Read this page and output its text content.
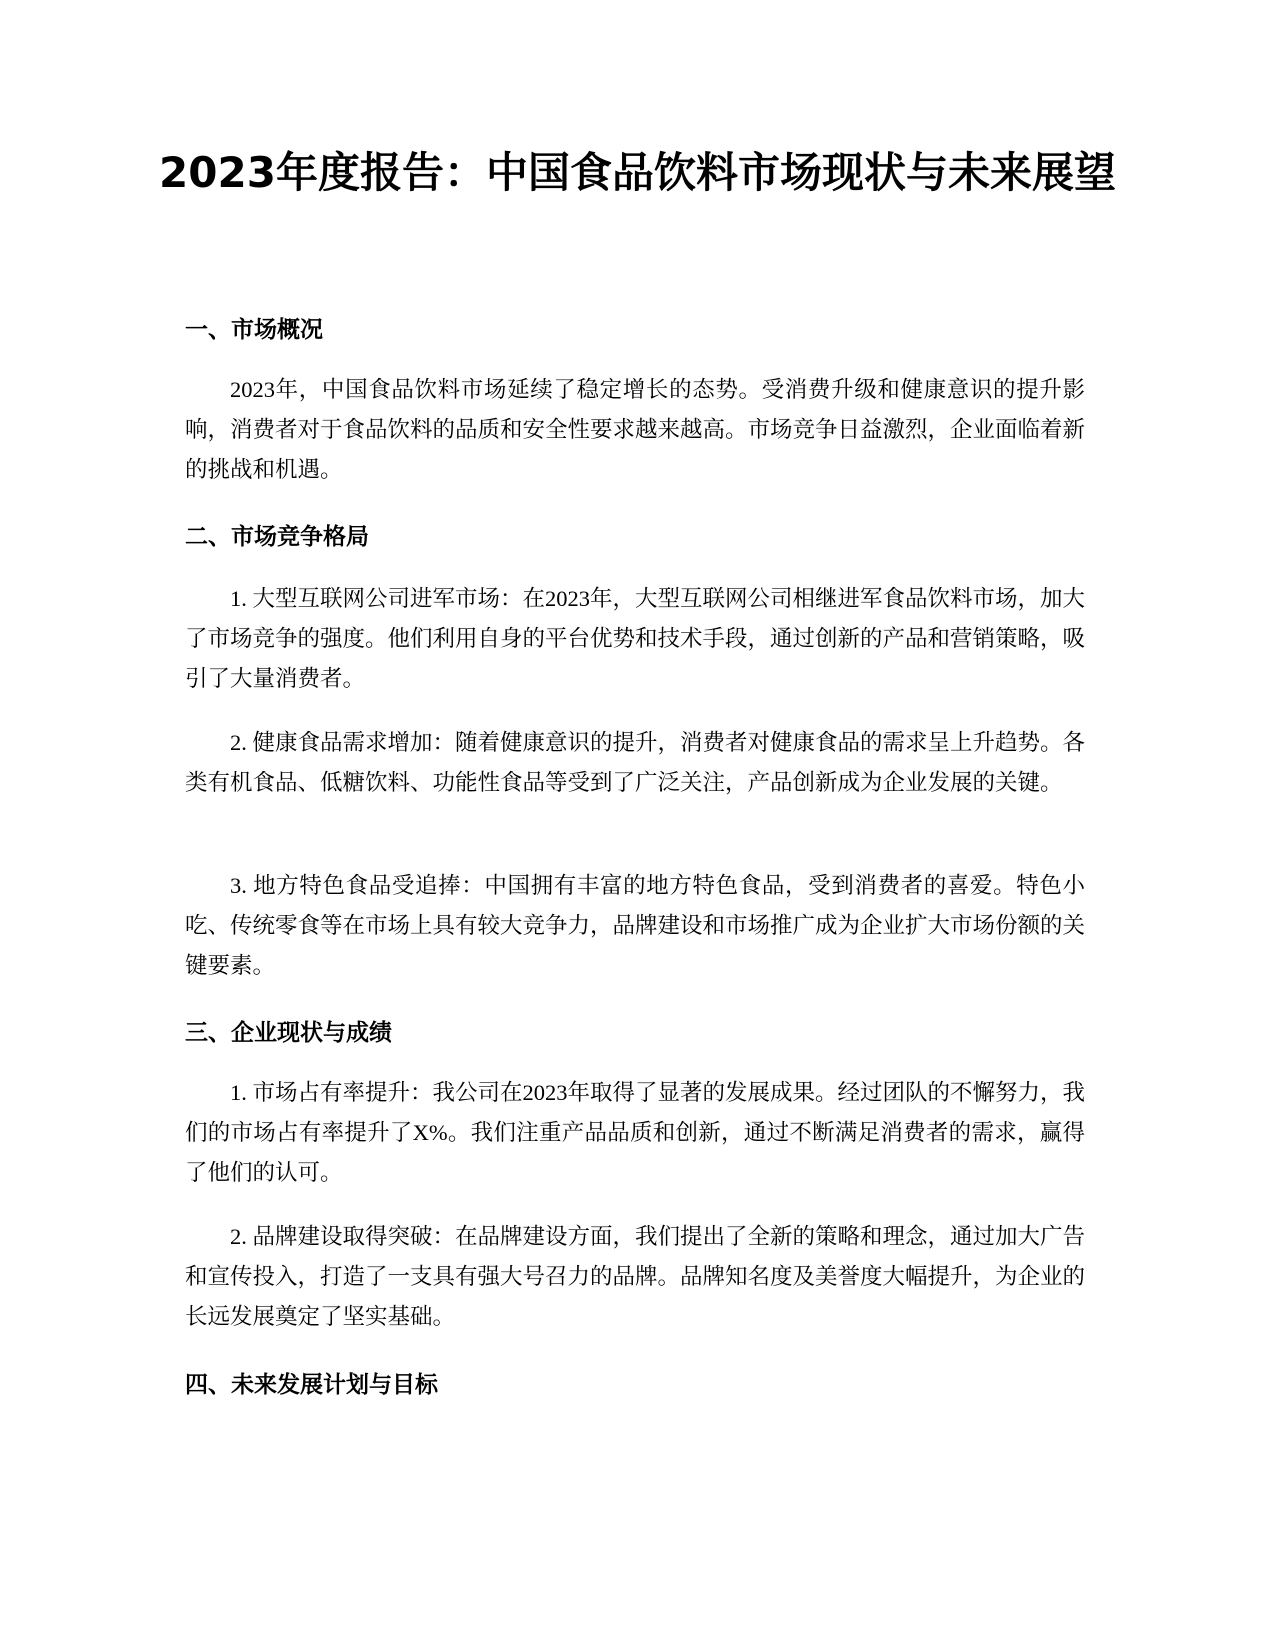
2023年度报告：中国食品饮料市场现状与未来展望
一、市场概况

2023年，中国食品饮料市场延续了稳定增长的态势。受消费升级和健康意识的提升影响，消费者对于食品饮料的品质和安全性要求越来越高。市场竞争日益激烈，企业面临着新的挑战和机遇。

二、市场竞争格局

1. 大型互联网公司进军市场：在2023年，大型互联网公司相继进军食品饮料市场，加大了市场竞争的强度。他们利用自身的平台优势和技术手段，通过创新的产品和营销策略，吸引了大量消费者。

2. 健康食品需求增加：随着健康意识的提升，消费者对健康食品的需求呈上升趋势。各类有机食品、低糖饮料、功能性食品等受到了广泛关注，产品创新成为企业发展的关键。

3. 地方特色食品受追捧：中国拥有丰富的地方特色食品，受到消费者的喜爱。特色小吃、传统零食等在市场上具有较大竞争力，品牌建设和市场推广成为企业扩大市场份额的关键要素。

三、企业现状与成绩

1. 市场占有率提升：我公司在2023年取得了显著的发展成果。经过团队的不懈努力，我们的市场占有率提升了X%。我们注重产品品质和创新，通过不断满足消费者的需求，赢得了他们的认可。

2. 品牌建设取得突破：在品牌建设方面，我们提出了全新的策略和理念，通过加大广告和宣传投入，打造了一支具有强大号召力的品牌。品牌知名度及美誉度大幅提升，为企业的长远发展奠定了坚实基础。

四、未来发展计划与目标
